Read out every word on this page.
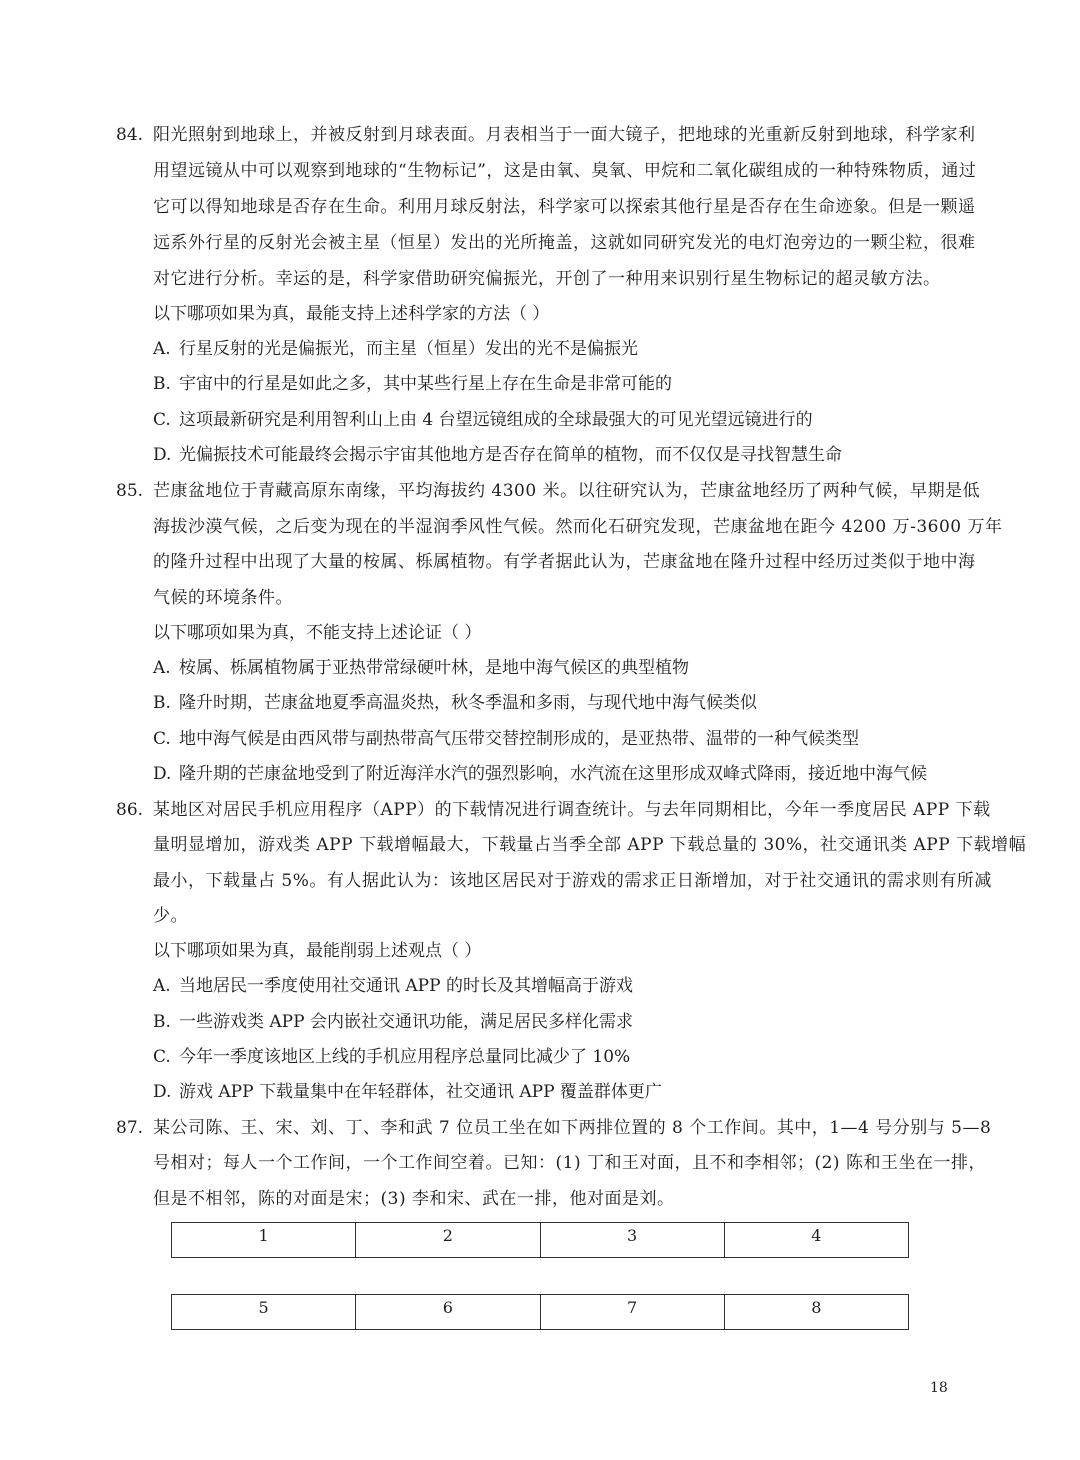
84. 阳光照射到地球上，并被反射到月球表面。月表相当于一面大镜子，把地球的光重新反射到地球，科学家利
用望远镜从中可以观察到地球的“生物标记”，这是由氧、臭氧、甲烷和二氧化碳组成的一种特殊物质，通过
它可以得知地球是否存在生命。利用月球反射法，科学家可以探索其他行星是否存在生命迹象。但是一颗遥
远系外行星的反射光会被主星（恒星）发出的光所掩盖，这就如同研究发光的电灯泡旁边的一颗尘粒，很难
对它进行分析。幸运的是，科学家借助研究偏振光，开创了一种用来识别行星生物标记的超灵敏方法。
以下哪项如果为真，最能支持上述科学家的方法（ ）
A. 行星反射的光是偏振光，而主星（恒星）发出的光不是偏振光
B. 宇宙中的行星是如此之多，其中某些行星上存在生命是非常可能的
C. 这项最新研究是利用智利山上由 4 台望远镜组成的全球最强大的可见光望远镜进行的
D. 光偏振技术可能最终会揭示宇宙其他地方是否存在简单的植物，而不仅仅是寻找智慧生命
85. 芒康盆地位于青藏高原东南缘，平均海拔约 4300 米。以往研究认为，芒康盆地经历了两种气候，早期是低
海拔沙漠气候，之后变为现在的半湿润季风性气候。然而化石研究发现，芒康盆地在距今 4200 万-3600 万年
的隆升过程中出现了大量的桉属、栎属植物。有学者据此认为，芒康盆地在隆升过程中经历过类似于地中海
气候的环境条件。
以下哪项如果为真，不能支持上述论证（ ）
A. 桉属、栎属植物属于亚热带常绿硬叶林，是地中海气候区的典型植物
B. 隆升时期，芒康盆地夏季高温炎热，秋冬季温和多雨，与现代地中海气候类似
C. 地中海气候是由西风带与副热带高气压带交替控制形成的，是亚热带、温带的一种气候类型
D. 隆升期的芒康盆地受到了附近海洋水汽的强烈影响，水汽流在这里形成双峰式降雨，接近地中海气候
86. 某地区对居民手机应用程序（APP）的下载情况进行调查统计。与去年同期相比，今年一季度居民 APP 下载
量明显增加，游戏类 APP 下载增幅最大，下载量占当季全部 APP 下载总量的 30%，社交通讯类 APP 下载增幅
最小，下载量占 5%。有人据此认为：该地区居民对于游戏的需求正日渐增加，对于社交通讯的需求则有所减
少。
以下哪项如果为真，最能削弱上述观点（ ）
A. 当地居民一季度使用社交通讯 APP 的时长及其增幅高于游戏
B. 一些游戏类 APP 会内嵌社交通讯功能，满足居民多样化需求
C. 今年一季度该地区上线的手机应用程序总量同比减少了 10%
D. 游戏 APP 下载量集中在年轻群体，社交通讯 APP 覆盖群体更广
87. 某公司陈、王、宋、刘、丁、李和武 7 位员工坐在如下两排位置的 8 个工作间。其中，1—4 号分别与 5—8
号相对；每人一个工作间，一个工作间空着。已知：(1) 丁和王对面，且不和李相邻；(2) 陈和王坐在一排，
但是不相邻，陈的对面是宋；(3) 李和宋、武在一排，他对面是刘。
1	2	3	4
5	6	7	8
18
